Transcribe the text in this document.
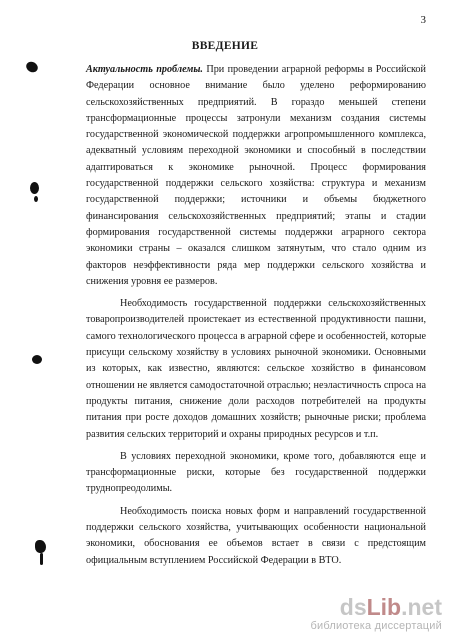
3
ВВЕДЕНИЕ

Актуальность проблемы. При проведении аграрной реформы в Российской Федерации основное внимание было уделено реформированию сельскохозяйственных предприятий. В гораздо меньшей степени трансформационные процессы затронули механизм создания системы государственной экономической поддержки агропромышленного комплекса, адекватный условиям переходной экономики и способный в последствии адаптироваться к экономике рыночной. Процесс формирования государственной поддержки сельского хозяйства: структура и механизм государственной поддержки; источники и объемы бюджетного финансирования сельскохозяйственных предприятий; этапы и стадии формирования государственной системы поддержки аграрного сектора экономики страны – оказался слишком затянутым, что стало одним из факторов неэффективности ряда мер поддержки сельского хозяйства и снижения уровня ее размеров.

Необходимость государственной поддержки сельскохозяйственных товаропроизводителей проистекает из естественной продуктивности пашни, самого технологического процесса в аграрной сфере и особенностей, которые присущи сельскому хозяйству в условиях рыночной экономики. Основными из которых, как известно, являются: сельское хозяйство в финансовом отношении не является самодостаточной отраслью; неэластичность спроса на продукты питания, снижение доли расходов потребителей на продукты питания при росте доходов домашних хозяйств; рыночные риски; проблема развития сельских территорий и охраны природных ресурсов и т.п.

В условиях переходной экономики, кроме того, добавляются еще и трансформационные риски, которые без государственной поддержки труднопреодолимы.

Необходимость поиска новых форм и направлений государственной поддержки сельского хозяйства, учитывающих особенности национальной экономики, обоснования ее объемов встает в связи с предстоящим официальным вступлением Российской Федерации в ВТО.

ds Lib .net
библиотека диссертаций
